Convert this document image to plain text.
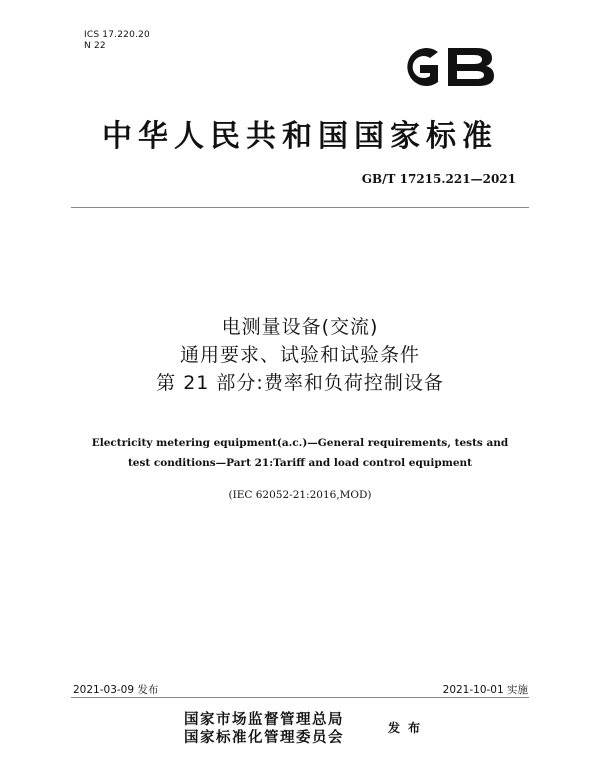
ICS 17.220.20
N 22
中华人民共和国国家标准
GB/T 17215.221—2021
电测量设备(交流)
通用要求、试验和试验条件
第 21 部分:费率和负荷控制设备
Electricity metering equipment(a.c.)—General requirements, tests and
test conditions—Part 21:Tariff and load control equipment
(IEC 62052-21:2016,MOD)
2021-03-09 发布	2021-10-01 实施
国家市场监督管理总局
国家标准化管理委员会
发布
